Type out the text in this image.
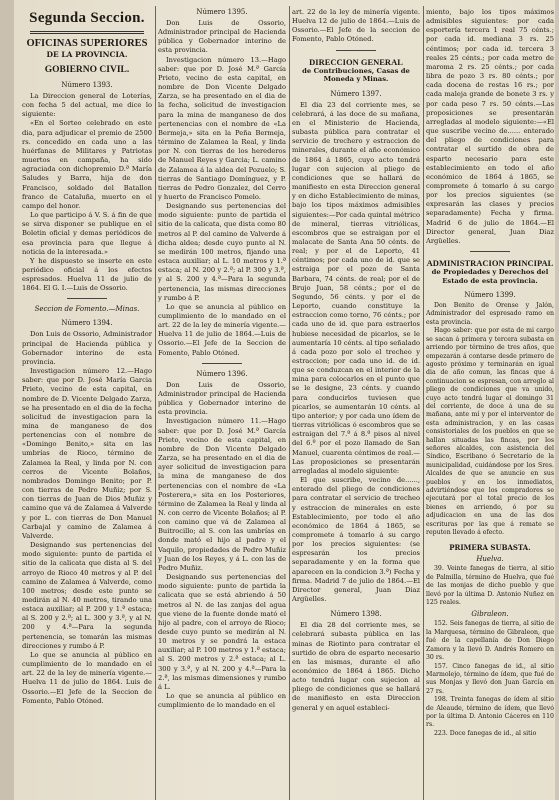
Segunda Seccion.
OFICINAS SUPERIORES
DE LA PROVINCIA.
GOBIERNO CIVIL.
Número 1393.

La Direccion general de Loterías, con fecha 5 del actual, me dice lo siguiente:

«En el Sorteo celebrado en este dia, para adjudicar el premio de 2500 rs. concedido en cada uno a las huérfanas de Militares y Patriotas muertos en campaña, ha sido agraciada con dichopremio D.ª María Saludes y Barra, hija de don Francisco, soldado del Batallon franco de Cataluña, muerto en el campo del honor.

Lo que participo á V. S. á fin de que se sirva disponer se publique en el Boletin oficial y demas periódicos de esa provincia para que llegue á noticia de la interesada.»

Y he dispuesto se inserte en este periódico oficial á los efectos espresados. Huelva 11 de julio de 1864. El G. I.—Luis de Ossorio.

Seccion de Fomento.—Minas.
Número 1394.

Don Luis de Ossorio, Administrador principal de Hacienda pública y Gobernador interino de esta provincia.

Investigacion número 12.—Hago saber: que por D. José María Garcia Prieto, vecino de esta capital, en nombre de D. Vicente Delgado Zarza, se ha presentado en el dia de la fecha solicitud de investigacion para la mina de manganeso de dos pertenencias con el nombre de «Domingo Benito,» sita en las umbrías de Rioco, término de Zalamea la Real, y linda por N. con cerros de Vicente Bolaños, nombrados Domingo Benito; por P. con tierras de Pedro Muñiz; por S. con tierras de Juan de Dios Muñiz y camino que vá de Zalamea á Valverde y por L. con tierras de Don Manuel Carbajal y camino de Zalamea á Valverde.

Designando sus pertenencias del modo siguiente: punto de partida el sitio de la calicata que dista al S. del arroyo de Rioco 40 metros y al P. del camino de Zalamea á Valverde, como 100 metros; desde este punto se medirán al N. 40 metros, tirando una estaca auxiliar; al P. 200 y 1.ª estaca; al S. 200 y 2.ª; al L. 300 y 3.ª, y al N. 200 y 4.ª—Para la segunda pertenencia, se tomarán las mismas direcciones y rumbo á P.

Lo que se anuncia al público en cumplimiento de lo mandado en el art. 22 de la ley de minería vigente.—Huelva 11 de julio de 1864. Luis de Ossorio.—El Jefe de la Seccion de Fomento, Pablo Otóned.

Número 1395.

Don Luis de Ossorio, Administrador principal de Hacienda pública y Gobernador interino de esta provincia.

Investigacion número 13.—Hago saber: que por D. José M.ª García Prieto, vecino de esta capital, en nombre de Don Vicente Delgado Zarza, se ha presentado en el dia de la fecha, solicitud de investigacion para la mina de manganeso de dos pertenencias con el nombre de «La Bermeja,» sita en la Peña Bermeja, término de Zalamea la Real, y linda por N. con tierras de los herederos de Manuel Reyes y Garcia; L. camino de Zalamea á la aldea del Pozuelo; S. tierras de Santiago Domínguez, y P. tierras de Pedro Gonzalez, del Cerro y huerto de Francisco Pomelo.

Designando sus pertenencias del modo siguiente: punto de partida el sitio de la calicata, que dista como 80 metros al P. del camino de Valverde á dicha aldea; desde cuyo punto al N. se medirán 100 metros, fijando una estaca auxiliar; al L. 10 metros y 1.ª estaca; al N. 200 y 2.ª; al P. 300 y 3.ª, y al S. 200 y 4.ª—Para la segunda pertenencia, las mismas direcciones y rumbo á P.

Lo que se anuncia al público en cumplimiento de lo mandado en el art. 22 de la ley de minería vigente.—Huelva 11 de julio de 1864.—Luis de Ossorio.—El Jefe de la Seccion de Fomento, Pablo Otóned.

Número 1396.

Don Luis de Ossorio, Administrador principal de Hacienda pública y Gobernador interino de esta provincia.

Investigacion número 11.—Hago saber: que por D. José M.ª García Prieto, vecino de esta capital, en nombre de Don Vicente Delgado Zarza, se ha presentado en el dia de ayer solicitud de investigacion para la mina de manganeso de dos pertenencias con el nombre de «La Posterera,» sita en los Posteriores, término de Zalamea la Real y linda al N. con cerro de Vicente Bolaños; al P. con camino que vá de Zalamea al Buitrocillo; al S. con las umbrías en donde mató el hijo al padre y el Vaquilo, propiedades de Pedro Muñiz y Juan de los Reyes, y á L. con las de Pedro Muñiz.

Designando sus pertenencias del modo siguiente: punto de partida la calicata que se está abriendo á 50 metros al N. de las zanjas del agua que viene de la fuente donde mató el hijo al padre, con el arroyo de Rioco; desde cuyo punto se medirán al N. 10 metros y se pondrá la estaca auxiliar; al P. 100 metros y 1.ª estaca; al S. 200 metros y 2.ª estaca; al L. 300 y 3.ª, y al N. 200 y 4.ª—Para la 2.ª, las mismas dimensiones y rumbo á L.

Lo que se anuncia al público en cumplimiento de lo mandado en el

art. 22 de la ley de minería vigente. Huelva 12 de julio de 1864.—Luis de Ossorio.—El Jefe de la seccion de Fomento, Pablo Otóned.

DIRECCION GENERAL
de Contribuciones, Casas de Moneda y Minas.
Número 1397.

El dia 23 del corriente mes, se celebrará, á las doce de su mañana, en el Ministerio de Hacienda, subasta pública para contratar el servicio de trechero y estraccion de minerales, durante el año económico de 1864 á 1865, cuyo acto tendrá lugar con sujecion al pliego de condiciones que se hallará de manifiesto en esta Direccion general y en dicho Establecimiento de minas, bajo los tipos máximos admisibles siguientes:—Por cada quintal métrico de mineral, tierras vitriólicas, escombros que se estraigan por el malacate de Santa Ana 50 cénts. de real; y por el de Leporto, 41 céntimos; por cada uno de id. que se estraiga por el pozo de Santa Barbara, 74 cénts. de real; por el de Brujo Juan, 58 cénts.; por el de Segundo, 56 cénts. y por el de Leporto, cuando constituye la estraccion como torno, 76 cénts.; por cada uno de id. que para estraerlos hubiese necesidad de picarlos, se le aumentaría 10 cénts. al tipo señalado á cada pozo por solo el trecheo y estraccion; por cada uno id. de id. que se conduzcan en el interior de la mina para colocarlos en el punto que se le designe, 23 cénts. y cuando para conducirlos tuviesen que picarlos, se aumentarán 10 cénts. al tipo anterior; y por cada uno ídem de tierras vitriólicas ó escombros que se estraigan del 7.º á 8.º pisos al nivel del 6.º por el pozo llamado de San Manuel, cuarenta céntimos de real.—Las proposiciones se presentarán arregladas al modelo siguiente:

El que suscribe, vecino de......, enterado del pliego de condiciones para contratar el servicio de trecheo y estraccion de minerales en este Establecimiento, por todo el año económico de 1864 á 1865, se compromete á tomarlo á su cargo por los precios siguientes: (se espresarán los precios separadamente y en la forma que aparecen en la condicion 3.ª) Fecha y firma. Madrid 7 de julio de 1864.—El Director general, Juan Diaz Argüelles.

Número 1398.

El dia 28 del corriente mes, se celebrará subasta pública en las minas de Riotinto para contratar el surtido de obra de esparto necesario en las mismas, durante el año económico de 1864 á 1865. Dicho acto tendrá lugar con sujecion al pliego de condiciones que se hallará de manifiesto en esta Direccion general y en aquel estableci-

miento, bajo los tipos máximos admisibles siguientes: por cada esportería tercera 1 real 75 cénts.; por cada id. mediana 3 rs. 25 céntimos; por cada id. tercera 3 reales 25 cénts.; por cada metro de maroma 2 rs. 25 cénts.; por cada libra de pozo 3 rs. 80 cénts.; por cada docena de restas 16 rs.; por cada maleja grande de bonete 3 rs. y por cada peso 7 rs. 50 cénts.—Las proposiciones se presentarán arregladas al modelo siguiente:—«El que suscribe vecino de...... enterado del pliego de condiciones para contratar el surtido de obra de esparto necesario para este establecimiento en todo el año económico de 1864 á 1865, se compromete á tomarlo á su cargo por los precios siguientes (se expresarán las clases y precios separadamente) Fecha y firma. Madrid 6 de julio de 1864.—El Director general, Juan Diaz Argüelles.

ADMINISTRACION PRINCIPAL
de Propiedades y Derechos del Estado de esta provincia.
Número 1399.

Don Benito de Orense y Jalón, Administrador del espresado ramo en esta provincia.

Hago saber: que por esta de mi cargo se sacan á primera y tercera subasta en arriendo por término de tres años, que empezarán á contarse desde primero de agosto próximo y terminarán en igual dia de año comun, las fincas que á continuacion se espresan, con arreglo al pliego de condiciones que va unido, cuyo acto tendrá lugar el domingo 31 del corriente, de doce á una de su mañana, ante mí y por el interventor de esta administracion, y en las casas consistoriales de los pueblos en que se hallan situadas las fincas, por los señores alcaldes, con asistencia del Síndico, Escribano ó Secretario de la municipalidad, cuidándose por los Sres. Alcaldes de que se anuncie en sus pueblos y en los inmediatos, advirtiéndose que los compradores se ejecutará por el total precio de los bienes en arriendo, ó por su adjudicacion en una de las dos escrituras por las que á remate se reputen llevado á efecto.

PRIMERA SUBASTA.
Huelva.

39. Veinte fanegas de tierra, al sitio de Palmilla, término de Huelva, que fué de las monjas de dicho pueblo y que llevó por la última D. Antonio Nuñez en 125 reales.

Gibraleon.

152. Seis fanegas de tierra, al sitio de la Marquesa, término de Gibraleon, que fué de la capellanía de Don Diego Zamora y la llevó D. Andrés Romero en 30 rs.

157. Cinco fanegas de id., al sitio Marmolejo, término de ídem, que fué de sus Monjas y llevó don Juan García en 27 rs.

198. Treinta fanegas de ídem al sitio de Aleaude, término de ídem, que llevó por la última D. Antonio Cáceres en 110 rs.

223. Doce fanegas de id., al sitio
